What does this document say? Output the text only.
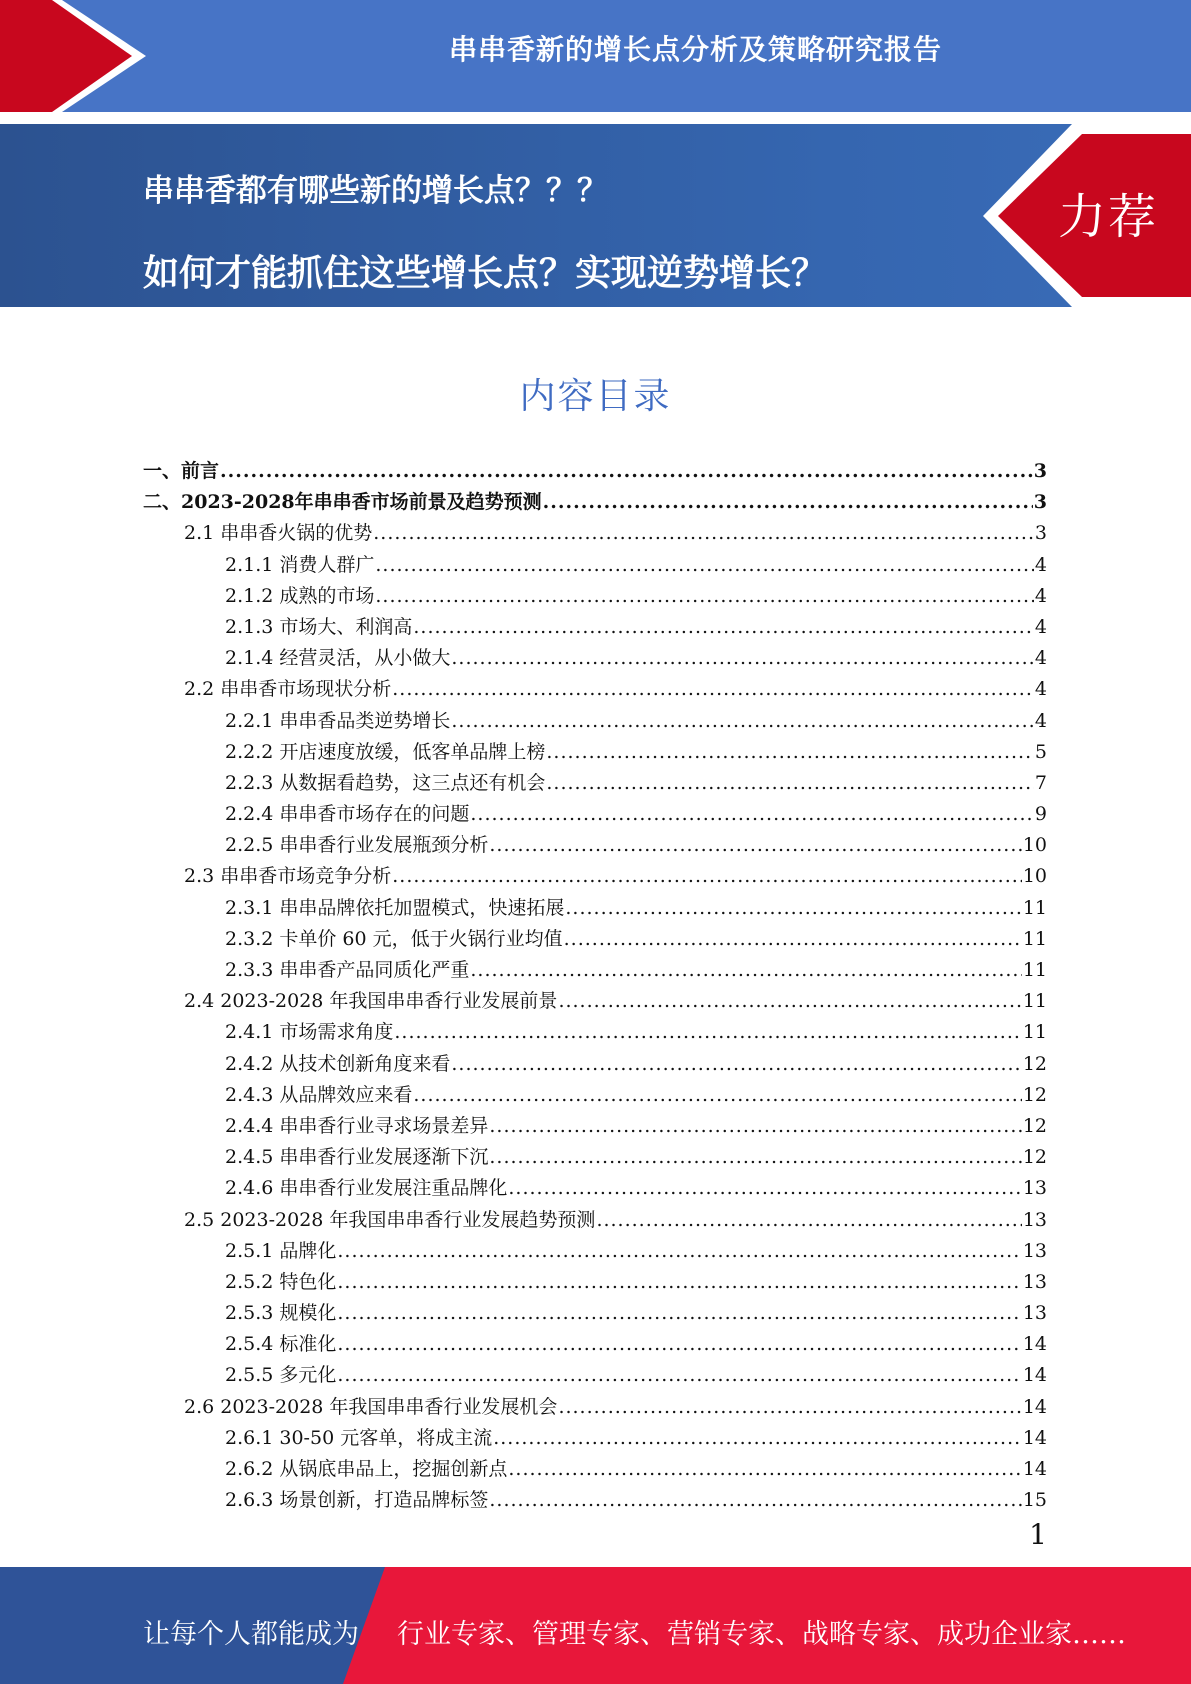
串串香新的增长点分析及策略研究报告
串串香都有哪些新的增长点？？？
如何才能抓住这些增长点？实现逆势增长？
力荐
内容目录
一、前言 .....	3
二、2023-2028年串串香市场前景及趋势预测 .....	3
2.1 串串香火锅的优势 .....	3
2.1.1 消费人群广 .....	4
2.1.2 成熟的市场 .....	4
2.1.3 市场大、利润高 .....	4
2.1.4 经营灵活，从小做大 .....	4
2.2 串串香市场现状分析 .....	4
2.2.1 串串香品类逆势增长 .....	4
2.2.2 开店速度放缓，低客单品牌上榜 .....	5
2.2.3 从数据看趋势，这三点还有机会 .....	7
2.2.4 串串香市场存在的问题 .....	9
2.2.5 串串香行业发展瓶颈分析 .....	10
2.3 串串香市场竞争分析 .....	10
2.3.1 串串品牌依托加盟模式，快速拓展 .....	11
2.3.2 卡单价 60 元，低于火锅行业均值 .....	11
2.3.3 串串香产品同质化严重 .....	11
2.4 2023-2028 年我国串串香行业发展前景 .....	11
2.4.1 市场需求角度 .....	11
2.4.2 从技术创新角度来看 .....	12
2.4.3 从品牌效应来看 .....	12
2.4.4 串串香行业寻求场景差异 .....	12
2.4.5 串串香行业发展逐渐下沉 .....	12
2.4.6 串串香行业发展注重品牌化 .....	13
2.5 2023-2028 年我国串串香行业发展趋势预测 .....	13
2.5.1 品牌化 .....	13
2.5.2 特色化 .....	13
2.5.3 规模化 .....	13
2.5.4 标准化 .....	14
2.5.5 多元化 .....	14
2.6 2023-2028 年我国串串香行业发展机会 .....	14
2.6.1 30-50 元客单，将成主流 .....	14
2.6.2 从锅底串品上，挖掘创新点 .....	14
2.6.3 场景创新，打造品牌标签 .....	15
1
让每个人都能成为 行业专家、管理专家、营销专家、战略专家、成功企业家……
